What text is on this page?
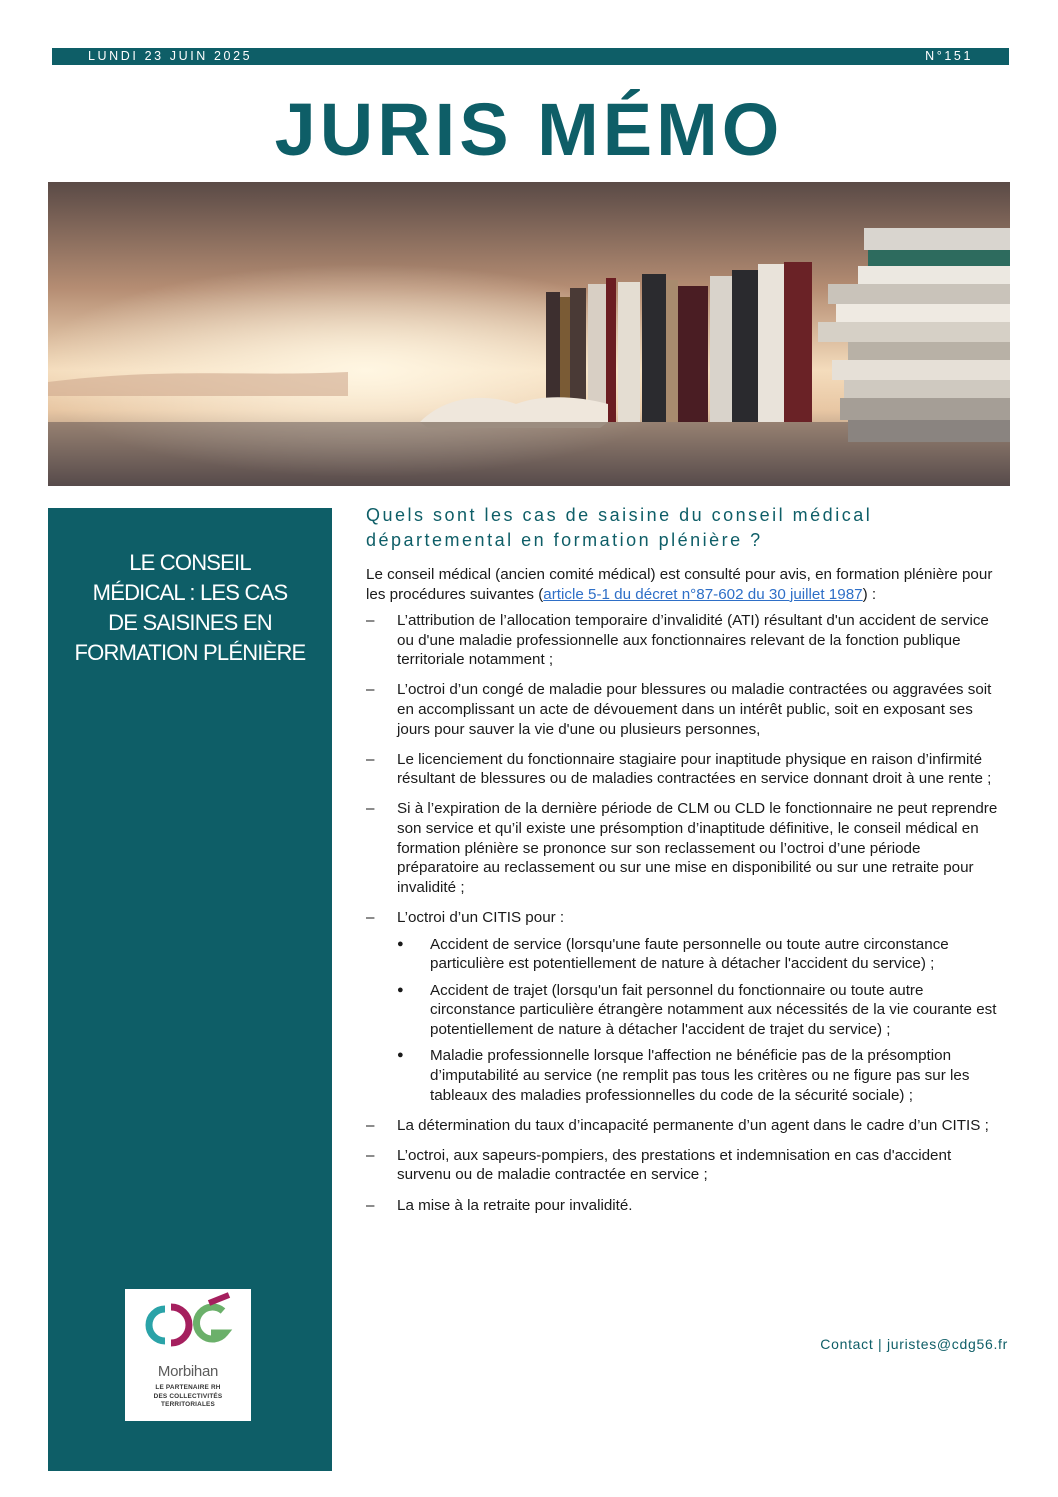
LUNDI 23 JUIN 2025	N°151
JURIS MÉMO
LE CONSEIL
MÉDICAL : LES CAS
DE SAISINES EN
FORMATION PLÉNIÈRE
Morbihan
LE PARTENAIRE RH
DES COLLECTIVITÉS
TERRITORIALES
Quels sont les cas de saisine du conseil médical
départemental en formation plénière ?

Le conseil médical (ancien comité médical) est consulté pour avis, en formation plénière pour les procédures suivantes (article 5-1 du décret n°87-602 du 30 juillet 1987) :

– L’attribution de l’allocation temporaire d’invalidité (ATI) résultant d'un accident de service ou d'une maladie professionnelle aux fonctionnaires relevant de la fonction publique territoriale notamment ;
– L’octroi d’un congé de maladie pour blessures ou maladie contractées ou aggravées soit en accomplissant un acte de dévouement dans un intérêt public, soit en exposant ses jours pour sauver la vie d'une ou plusieurs personnes,
– Le licenciement du fonctionnaire stagiaire pour inaptitude physique en raison d’infirmité résultant de blessures ou de maladies contractées en service donnant droit à une rente ;
– Si à l’expiration de la dernière période de CLM ou CLD le fonctionnaire ne peut reprendre son service et qu’il existe une présomption d’inaptitude définitive, le conseil médical en formation plénière se prononce sur son reclassement ou l’octroi d’une période préparatoire au reclassement ou sur une mise en disponibilité ou sur une retraite pour invalidité ;
– L’octroi d’un CITIS pour :
● Accident de service (lorsqu'une faute personnelle ou toute autre circonstance particulière est potentiellement de nature à détacher l'accident du service) ;
● Accident de trajet (lorsqu'un fait personnel du fonctionnaire ou toute autre circonstance particulière étrangère notamment aux nécessités de la vie courante est potentiellement de nature à détacher l'accident de trajet du service) ;
● Maladie professionnelle lorsque l'affection ne bénéficie pas de la présomption d’imputabilité au service (ne remplit pas tous les critères ou ne figure pas sur les tableaux des maladies professionnelles du code de la sécurité sociale) ;
– La détermination du taux d’incapacité permanente d’un agent dans le cadre d’un CITIS ;
– L’octroi, aux sapeurs-pompiers, des prestations et indemnisation en cas d'accident survenu ou de maladie contractée en service ;
– La mise à la retraite pour invalidité.
Contact | juristes@cdg56.fr
